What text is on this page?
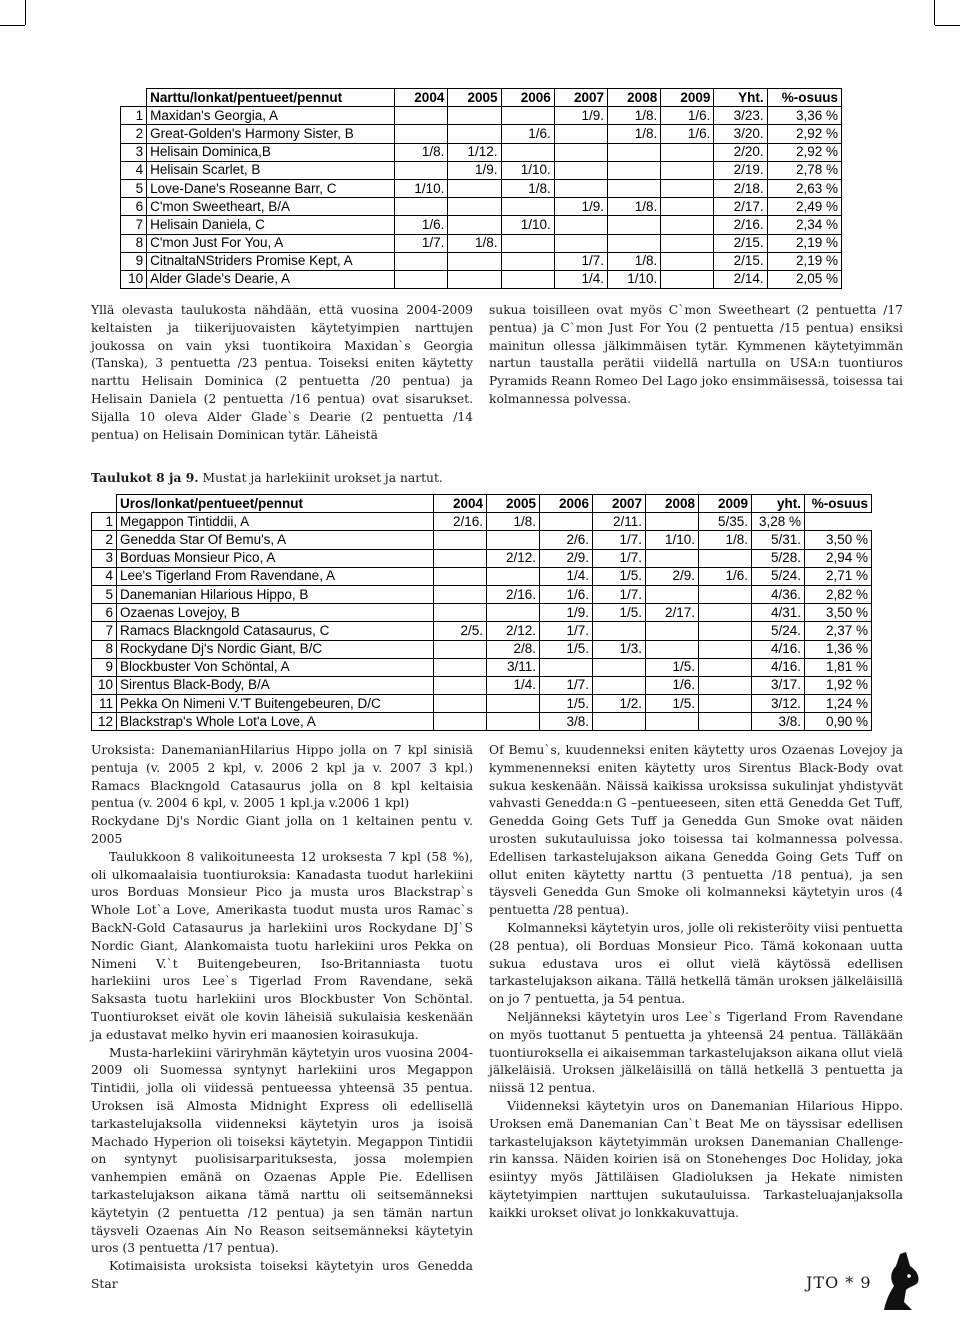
	Narttu/lonkat/pentueet/pennut	2004	2005	2006	2007	2008	2009	Yht.	%-osuus
1	Maxidan's Georgia, A				1/9.	1/8.	1/6.	3/23.	3,36 %
2	Great-Golden's Harmony Sister, B			1/6.		1/8.	1/6.	3/20.	2,92 %
3	Helisain Dominica,B	1/8.	1/12.					2/20.	2,92 %
4	Helisain Scarlet, B		1/9.	1/10.				2/19.	2,78 %
5	Love-Dane's Roseanne Barr, C	1/10.		1/8.				2/18.	2,63 %
6	C'mon Sweetheart, B/A				1/9.	1/8.		2/17.	2,49 %
7	Helisain Daniela, C	1/6.		1/10.				2/16.	2,34 %
8	C'mon Just For You, A	1/7.	1/8.					2/15.	2,19 %
9	CitnaltaNStriders Promise Kept, A				1/7.	1/8.		2/15.	2,19 %
10	Alder Glade's Dearie, A				1/4.	1/10.		2/14.	2,05 %

Yllä olevasta taulukosta nähdään, että vuosina 2004-2009 keltaisten ja tiikerijuovaisten käytetyimpien narttujen joukossa on vain yksi tuontikoira Maxidan`s Georgia (Tanska), 3 pentuetta /23 pentua. Toiseksi eniten käytetty narttu Helisain Dominica (2 pentuetta /20 pentua) ja Helisain Daniela (2 pentuetta /16 pentua) ovat sisarukset. Sijalla 10 oleva Alder Glade`s Dearie (2 pentuetta /14 pentua) on Helisain Dominican tytär. Läheistä

sukua toisilleen ovat myös C`mon Sweetheart (2 pentuetta /17 pentua) ja C`mon Just For You (2 pentuetta /15 pentua) ensiksi mainitun ollessa jälkimmäisen tytär. Kymmenen käytetyimmän nartun taustalla perätii viidellä nartulla on USA:n tuontiuros Pyramids Reann Romeo Del Lago joko ensimmäisessä, toisessa tai kolmannessa polvessa.

Taulukot 8 ja 9. Mustat ja harlekiinit urokset ja nartut.
	Uros/lonkat/pentueet/pennut	2004	2005	2006	2007	2008	2009	yht.	%-osuus
1	Megappon Tintiddii, A	2/16.	1/8.		2/11.		5/35.	3,28 %	
2	Genedda Star Of Bemu's, A			2/6.	1/7.	1/10.	1/8.	5/31.	3,50 %
3	Borduas Monsieur Pico, A		2/12.	2/9.	1/7.			5/28.	2,94 %
4	Lee's Tigerland From Ravendane, A			1/4.	1/5.	2/9.	1/6.	5/24.	2,71 %
5	Danemanian Hilarious Hippo, B		2/16.	1/6.	1/7.			4/36.	2,82 %
6	Ozaenas Lovejoy, B			1/9.	1/5.	2/17.		4/31.	3,50 %
7	Ramacs Blackngold Catasaurus, C	2/5.	2/12.	1/7.				5/24.	2,37 %
8	Rockydane Dj's Nordic Giant, B/C		2/8.	1/5.	1/3.			4/16.	1,36 %
9	Blockbuster Von Schöntal, A		3/11.			1/5.		4/16.	1,81 %
10	Sirentus Black-Body, B/A		1/4.	1/7.		1/6.		3/17.	1,92 %
11	Pekka On Nimeni V.'T Buitengebeuren, D/C			1/5.	1/2.	1/5.		3/12.	1,24 %
12	Blackstrap's Whole Lot'a Love, A			3/8.				3/8.	0,90 %

Uroksista: DanemanianHilarius Hippo jolla on 7 kpl sinisiä pentuja (v. 2005 2 kpl, v. 2006 2 kpl ja v. 2007 3 kpl.) Ramacs Blackngold Catasaurus jolla on 8 kpl keltaisia pentua (v. 2004 6 kpl, v. 2005 1 kpl.ja v.2006 1 kpl)

Rockydane Dj's Nordic Giant jolla on 1 keltainen pentu v. 2005

Taulukkoon 8 valikoituneesta 12 uroksesta 7 kpl (58 %), oli ulkomaalaisia tuontiuroksia: Kanadasta tuodut harlekiini uros Borduas Monsieur Pico ja musta uros Blackstrap`s Whole Lot`a Love, Amerikasta tuodut musta uros Ramac`s BackN-Gold Catasaurus ja harlekiini uros Rockydane DJ`S Nordic Giant, Alankomaista tuotu harlekiini uros Pekka on Nimeni V.`t Buitengebeuren, Iso-Britanniasta tuotu harlekiini uros Lee`s Tigerlad From Ravendane, sekä Saksasta tuotu harlekiini uros Blockbuster Von Schöntal. Tuontiurokset eivät ole kovin läheisiä sukulaisia keskenään ja edustavat melko hyvin eri maanosien koirasukuja.

Musta-harlekiini väriryhmän käytetyin uros vuosina 2004-2009 oli Suomessa syntynyt harlekiini uros Megappon Tintidii, jolla oli viidessä pentueessa yhteensä 35 pentua. Uroksen isä Almosta Midnight Express oli edellisellä tarkastelujaksolla viidenneksi käytetyin uros ja isoisä Machado Hyperion oli toiseksi käytetyin. Megappon Tintidii on syntynyt puolisisarparituksesta, jossa molempien vanhempien emänä on Ozaenas Apple Pie. Edellisen tarkastelujakson aikana tämä narttu oli seitsemänneksi käytetyin (2 pentuetta /12 pentua) ja sen tämän nartun täysveli Ozaenas Ain No Reason seitsemänneksi käytetyin uros (3 pentuetta /17 pentua).

Kotimaisista uroksista toiseksi käytetyin uros Genedda Star

Of Bemu`s, kuudenneksi eniten käytetty uros Ozaenas Lovejoy ja kymmenenneksi eniten käytetty uros Sirentus Black-Body ovat sukua keskenään. Näissä kaikissa uroksissa sukulinjat yhdistyvät vahvasti Genedda:n G –pentueeseen, siten että Genedda Get Tuff, Genedda Going Gets Tuff ja Genedda Gun Smoke ovat näiden urosten sukutauluissa joko toisessa tai kolmannessa polvessa. Edellisen tarkastelujakson aikana Genedda Going Gets Tuff on ollut eniten käytetty narttu (3 pentuetta /18 pentua), ja sen täysveli Genedda Gun Smoke oli kolmanneksi käytetyin uros (4 pentuetta /28 pentua).

Kolmanneksi käytetyin uros, jolle oli rekisteröity viisi pentuetta (28 pentua), oli Borduas Monsieur Pico. Tämä kokonaan uutta sukua edustava uros ei ollut vielä käytössä edellisen tarkastelujakson aikana. Tällä hetkellä tämän uroksen jälkeläisillä on jo 7 pentuetta, ja 54 pentua.

Neljänneksi käytetyin uros Lee`s Tigerland From Ravendane on myös tuottanut 5 pentuetta ja yhteensä 24 pentua. Tälläkään tuontiuroksella ei aikaisemman tarkastelujakson aikana ollut vielä jälkeläisiä. Uroksen jälkeläisillä on tällä hetkellä 3 pentuetta ja niissä 12 pentua.

Viidenneksi käytetyin uros on Danemanian Hilarious Hippo. Uroksen emä Danemanian Can`t Beat Me on täyssisar edellisen tarkastelujakson käytetyimmän uroksen Danemanian Challenge-rin kanssa. Näiden koirien isä on Stonehenges Doc Holiday, joka esiintyy myös Jättiläisen Gladioluksen ja Hekate nimisten käytetyimpien narttujen sukutauluissa. Tarkasteluajanjaksolla kaikki urokset olivat jo lonkkakuvattuja.

JTO * 9
